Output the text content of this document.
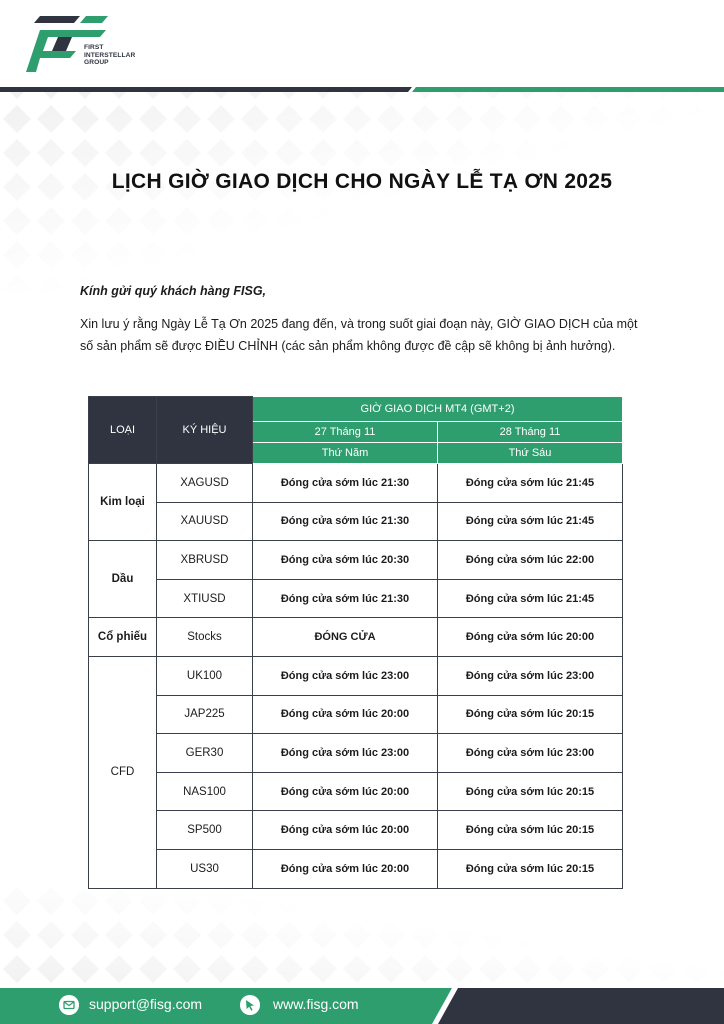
FIRST
INTERSTELLAR
GROUP
LỊCH GIỜ GIAO DỊCH CHO NGÀY LỄ TẠ ƠN 2025
Kính gửi quý khách hàng FISG,
Xin lưu ý rằng Ngày Lễ Tạ Ơn 2025 đang đến, và trong suốt giai đoạn này, GIỜ GIAO DỊCH của một số sản phẩm sẽ được ĐIỀU CHỈNH (các sản phẩm không được đề cập sẽ không bị ảnh hưởng).
LOẠI	KÝ HIỆU	GIỜ GIAO DỊCH MT4 (GMT+2)	
		27 Tháng 11	28 Tháng 11
		Thứ Năm	Thứ Sáu
Kim loại	XAGUSD	Đóng cửa sớm lúc 21:30	Đóng cửa sớm lúc 21:45
	XAUUSD	Đóng cửa sớm lúc 21:30	Đóng cửa sớm lúc 21:45
Dầu	XBRUSD	Đóng cửa sớm lúc 20:30	Đóng cửa sớm lúc 22:00
	XTIUSD	Đóng cửa sớm lúc 21:30	Đóng cửa sớm lúc 21:45
Cổ phiếu	Stocks	ĐÓNG CỬA	Đóng cửa sớm lúc 20:00
CFD	UK100	Đóng cửa sớm lúc 23:00	Đóng cửa sớm lúc 23:00
	JAP225	Đóng cửa sớm lúc 20:00	Đóng cửa sớm lúc 20:15
	GER30	Đóng cửa sớm lúc 23:00	Đóng cửa sớm lúc 23:00
	NAS100	Đóng cửa sớm lúc 20:00	Đóng cửa sớm lúc 20:15
	SP500	Đóng cửa sớm lúc 20:00	Đóng cửa sớm lúc 20:15
	US30	Đóng cửa sớm lúc 20:00	Đóng cửa sớm lúc 20:15
support@fisg.com	www.fisg.com
